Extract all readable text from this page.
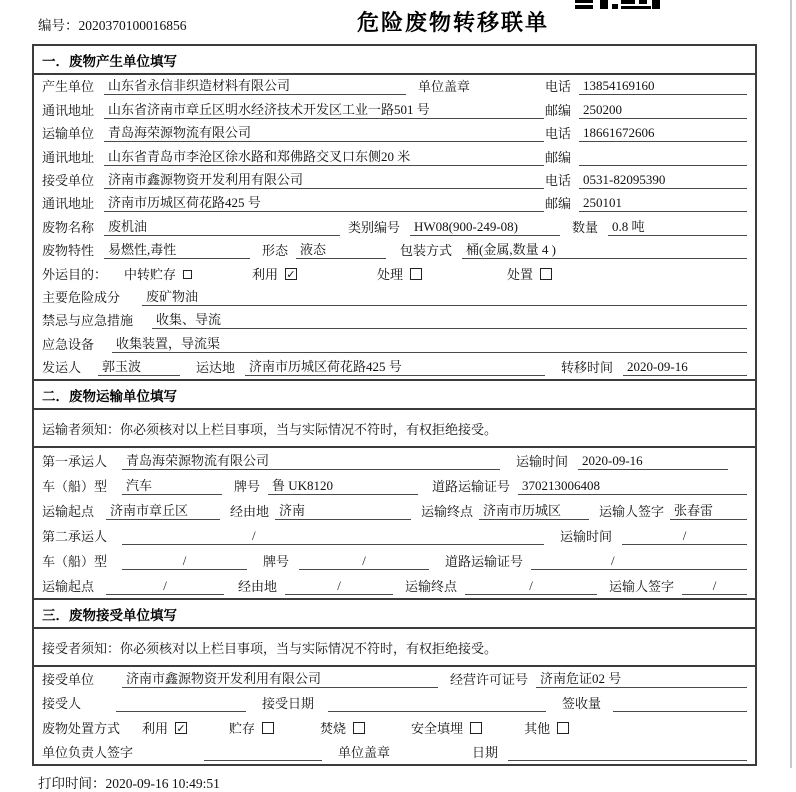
编号：2020370100016856	危险废物转移联单
一．废物产生单位填写
产生单位	山东省永信非织造材料有限公司	单位盖章	电话 13854169160
通讯地址	山东省济南市章丘区明水经济技术开发区工业一路501 号	邮编 250200
运输单位	青岛海荣源物流有限公司	电话 18661672606
通讯地址	山东省青岛市李沧区徐水路和郑佛路交叉口东侧20 米	邮编
接受单位	济南市鑫源物资开发利用有限公司	电话 0531-82095390
通讯地址	济南市历城区荷花路425 号	邮编 250101
废物名称	废机油	类别编号	HW08(900-249-08)	数量	0.8 吨
废物特性	易燃性,毒性	形态 液态	包装方式	桶(金属,数量 4 )
外运目的：	中转贮存	利用 ✓	处理	处置
主要危险成分	废矿物油
禁忌与应急措施	收集、导流
应急设备	收集装置，导流渠
发运人	郭玉波	运达地	济南市历城区荷花路425 号	转移时间	2020-09-16
二．废物运输单位填写
运输者须知：你必须核对以上栏目事项，当与实际情况不符时，有权拒绝接受。
第一承运人	青岛海荣源物流有限公司	运输时间	2020-09-16
车（船）型	汽车	牌号 鲁 UK8120	道路运输证号 370213006408
运输起点	济南市章丘区	经由地 济南	运输终点 济南市历城区	运输人签字 张春雷
第二承运人	/	运输时间	/
车（船）型	/	牌号	/	道路运输证号	/
运输起点	/	经由地	/	运输终点	/	运输人签字	/
三．废物接受单位填写
接受者须知：你必须核对以上栏目事项，当与实际情况不符时，有权拒绝接受。
接受单位	济南市鑫源物资开发利用有限公司	经营许可证号 济南危证02 号
接受人	接受日期	签收量
废物处置方式	利用 ✓	贮存	焚烧	安全填埋	其他
单位负责人签字	单位盖章	日期
打印时间：2020-09-16 10:49:51
